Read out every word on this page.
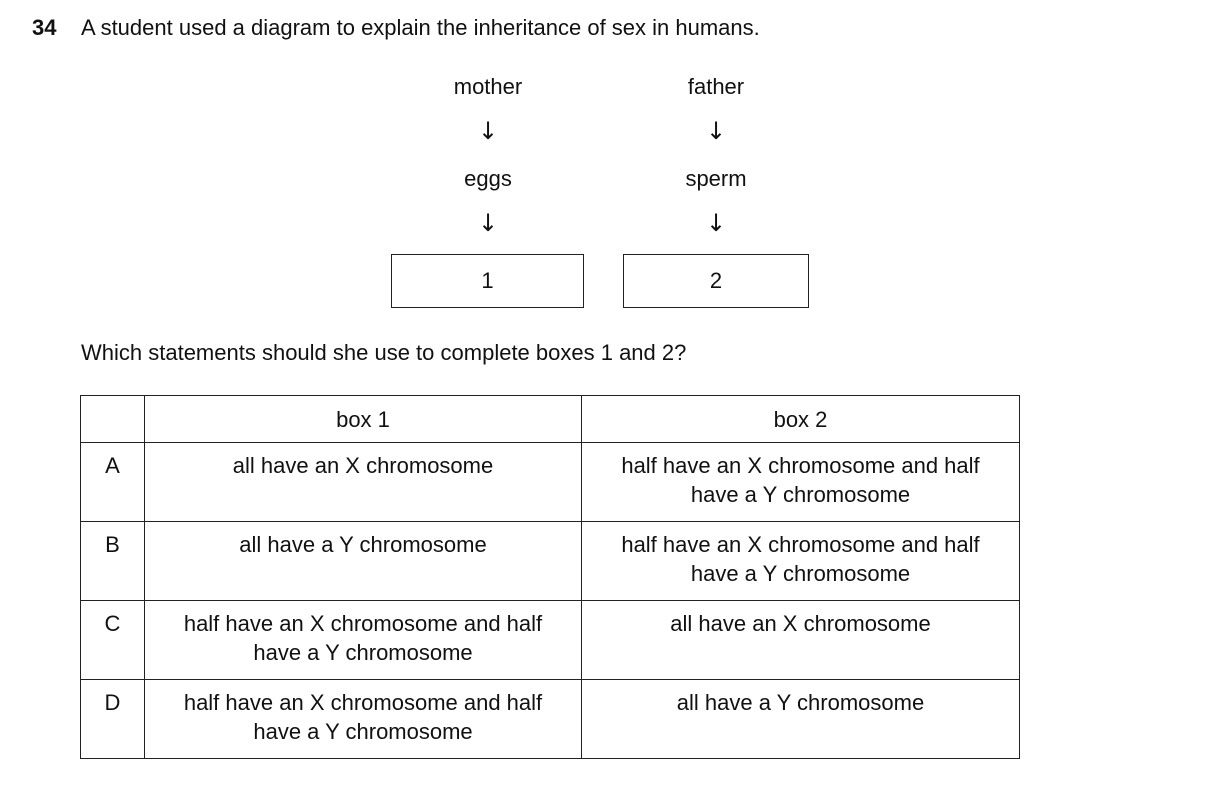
34 A student used a diagram to explain the inheritance of sex in humans.
mother	father
↓	↓
eggs	sperm
↓	↓
1	2
Which statements should she use to complete boxes 1 and 2?
	box 1	box 2
A	all have an X chromosome	half have an X chromosome and half have a Y chromosome
B	all have a Y chromosome	half have an X chromosome and half have a Y chromosome
C	half have an X chromosome and half have a Y chromosome	all have an X chromosome
D	half have an X chromosome and half have a Y chromosome	all have a Y chromosome
